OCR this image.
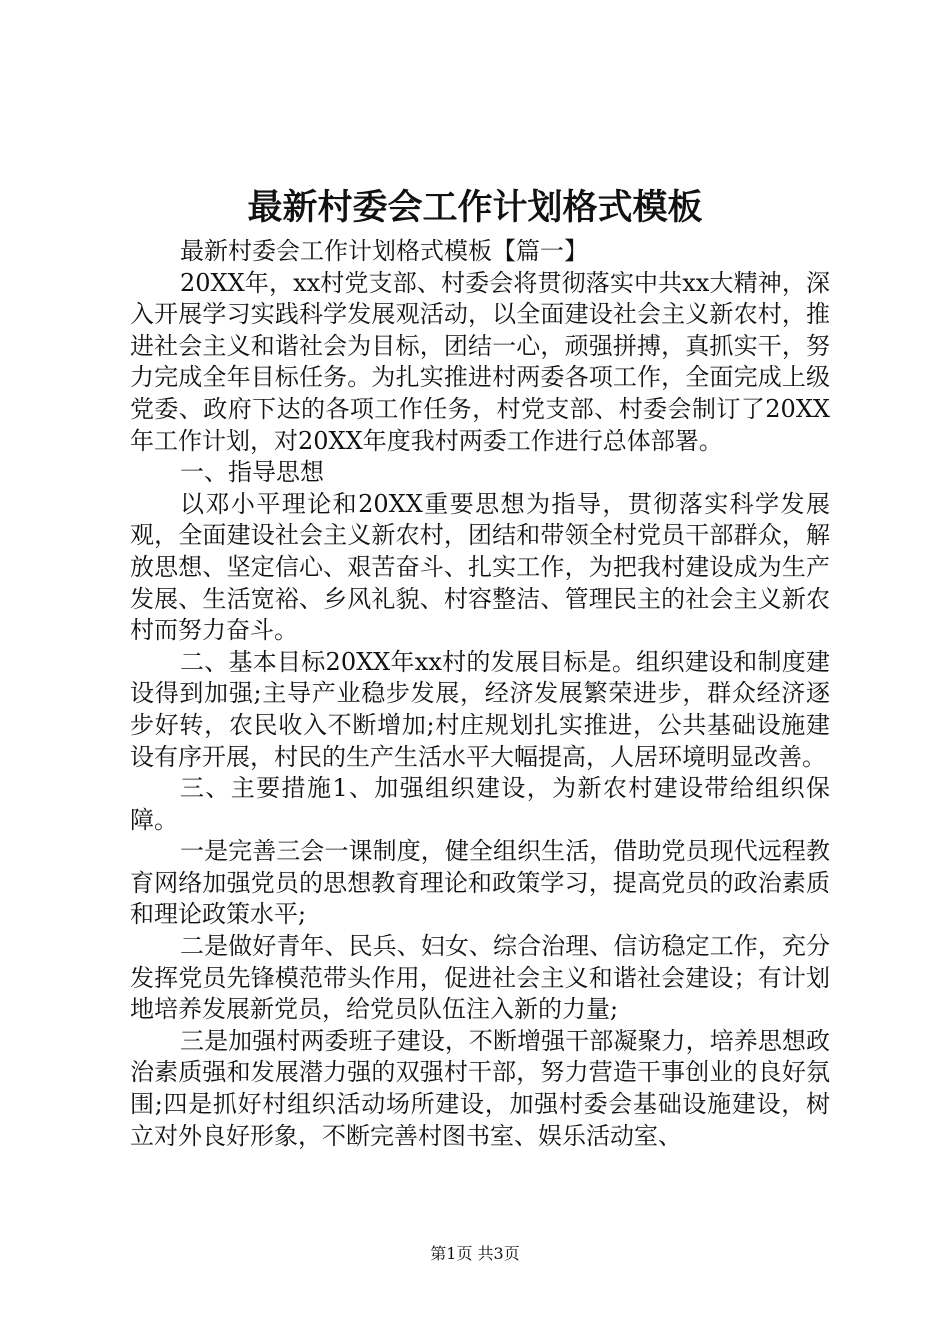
最新村委会工作计划格式模板

最新村委会工作计划格式模板【篇一】

20XX年，xx村党支部、村委会将贯彻落实中共xx大精神，深入开展学习实践科学发展观活动，以全面建设社会主义新农村，推进社会主义和谐社会为目标，团结一心，顽强拼搏，真抓实干，努力完成全年目标任务。为扎实推进村两委各项工作，全面完成上级党委、政府下达的各项工作任务，村党支部、村委会制订了20XX年工作计划，对20XX年度我村两委工作进行总体部署。

一、指导思想

以邓小平理论和20XX重要思想为指导，贯彻落实科学发展观，全面建设社会主义新农村，团结和带领全村党员干部群众，解放思想、坚定信心、艰苦奋斗、扎实工作，为把我村建设成为生产发展、生活宽裕、乡风礼貌、村容整洁、管理民主的社会主义新农村而努力奋斗。

二、基本目标20XX年xx村的发展目标是。组织建设和制度建设得到加强;主导产业稳步发展，经济发展繁荣进步，群众经济逐步好转，农民收入不断增加;村庄规划扎实推进，公共基础设施建设有序开展，村民的生产生活水平大幅提高，人居环境明显改善。

三、主要措施1、加强组织建设，为新农村建设带给组织保障。

一是完善三会一课制度，健全组织生活，借助党员现代远程教育网络加强党员的思想教育理论和政策学习，提高党员的政治素质和理论政策水平;

二是做好青年、民兵、妇女、综合治理、信访稳定工作，充分发挥党员先锋模范带头作用，促进社会主义和谐社会建设；有计划地培养发展新党员，给党员队伍注入新的力量;

三是加强村两委班子建设，不断增强干部凝聚力，培养思想政治素质强和发展潜力强的双强村干部，努力营造干事创业的良好氛围;四是抓好村组织活动场所建设，加强村委会基础设施建设，树立对外良好形象，不断完善村图书室、娱乐活动室、

第1页 共3页
